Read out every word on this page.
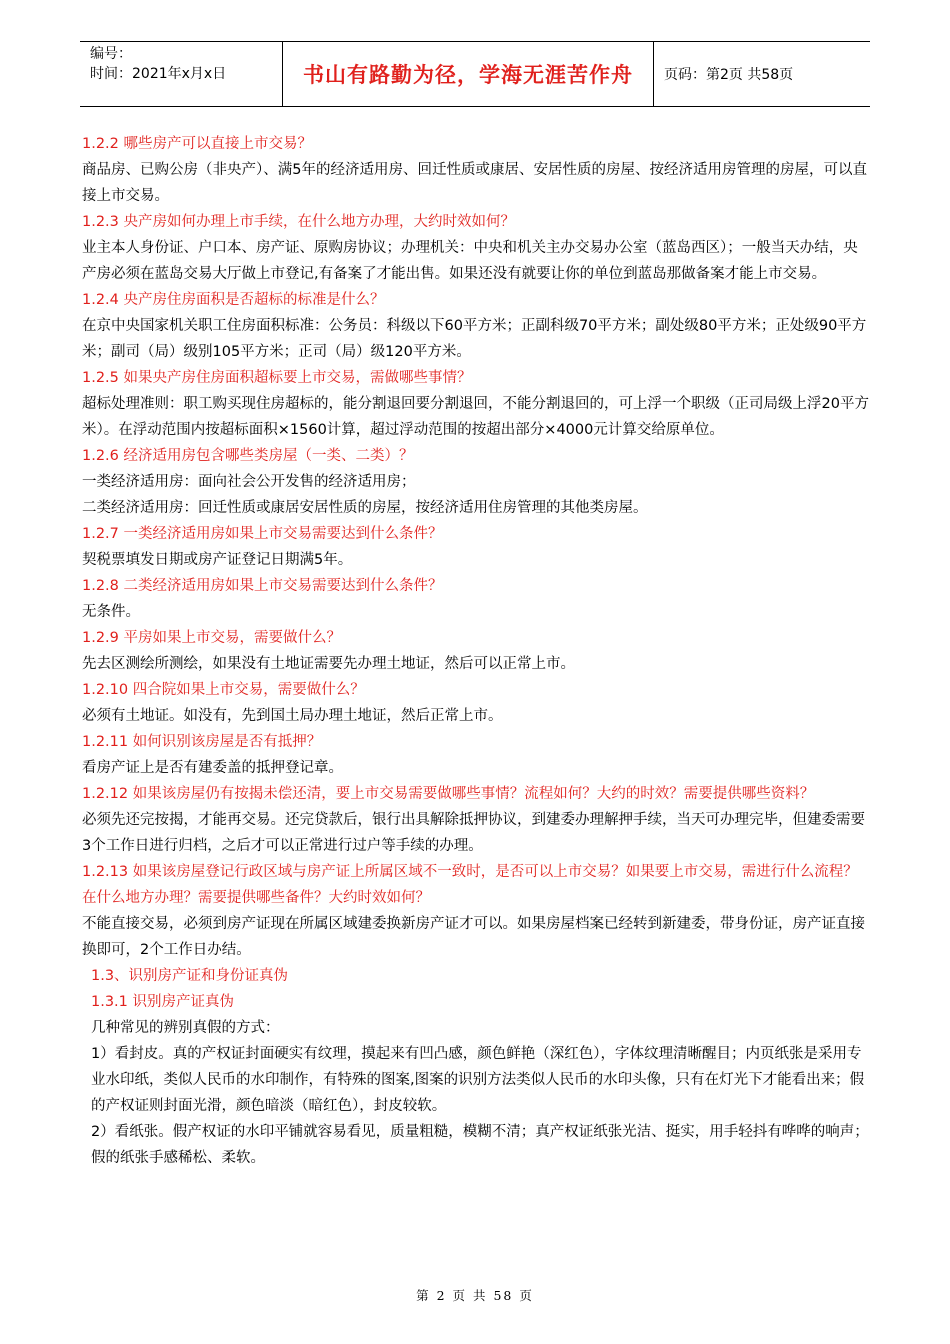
编号：
时间：2021年x月x日	书山有路勤为径，学海无涯苦作舟	页码：第2页 共58页

1.2.2 哪些房产可以直接上市交易？

商品房、已购公房（非央产）、满5年的经济适用房、回迁性质或康居、安居性质的房屋、按经济适用房管理的房屋，可以直接上市交易。

1.2.3 央产房如何办理上市手续，在什么地方办理，大约时效如何？

业主本人身份证、户口本、房产证、原购房协议；办理机关：中央和机关主办交易办公室（蓝岛西区）；一般当天办结，央产房必须在蓝岛交易大厅做上市登记,有备案了才能出售。如果还没有就要让你的单位到蓝岛那做备案才能上市交易。

1.2.4 央产房住房面积是否超标的标准是什么？

在京中央国家机关职工住房面积标准：公务员：科级以下60平方米；正副科级70平方米；副处级80平方米；正处级90平方米；副司（局）级别105平方米；正司（局）级120平方米。

1.2.5 如果央产房住房面积超标要上市交易，需做哪些事情？

超标处理准则：职工购买现住房超标的，能分割退回要分割退回，不能分割退回的，可上浮一个职级（正司局级上浮20平方米）。在浮动范围内按超标面积×1560计算，超过浮动范围的按超出部分×4000元计算交给原单位。

1.2.6 经济适用房包含哪些类房屋（一类、二类）？

一类经济适用房：面向社会公开发售的经济适用房；

二类经济适用房：回迁性质或康居安居性质的房屋，按经济适用住房管理的其他类房屋。

1.2.7 一类经济适用房如果上市交易需要达到什么条件？

契税票填发日期或房产证登记日期满5年。

1.2.8 二类经济适用房如果上市交易需要达到什么条件？

无条件。

1.2.9 平房如果上市交易，需要做什么？

先去区测绘所测绘，如果没有土地证需要先办理土地证，然后可以正常上市。

1.2.10 四合院如果上市交易，需要做什么？

必须有土地证。如没有，先到国土局办理土地证，然后正常上市。

1.2.11 如何识别该房屋是否有抵押？

看房产证上是否有建委盖的抵押登记章。

1.2.12 如果该房屋仍有按揭未偿还清，要上市交易需要做哪些事情？流程如何？大约的时效？需要提供哪些资料？

必须先还完按揭，才能再交易。还完贷款后，银行出具解除抵押协议，到建委办理解押手续，当天可办理完毕，但建委需要3个工作日进行归档，之后才可以正常进行过户等手续的办理。

1.2.13 如果该房屋登记行政区域与房产证上所属区域不一致时，是否可以上市交易？如果要上市交易，需进行什么流程？在什么地方办理？需要提供哪些备件？大约时效如何？

不能直接交易，必须到房产证现在所属区域建委换新房产证才可以。如果房屋档案已经转到新建委，带身份证，房产证直接换即可，2个工作日办结。

1.3、识别房产证和身份证真伪

1.3.1 识别房产证真伪

几种常见的辨别真假的方式：

1）看封皮。真的产权证封面硬实有纹理，摸起来有凹凸感，颜色鲜艳（深红色），字体纹理清晰醒目；内页纸张是采用专业水印纸，类似人民币的水印制作，有特殊的图案,图案的识别方法类似人民币的水印头像，只有在灯光下才能看出来；假的产权证则封面光滑，颜色暗淡（暗红色），封皮较软。

2）看纸张。假产权证的水印平铺就容易看见，质量粗糙，模糊不清；真产权证纸张光洁、挺实，用手轻抖有哗哗的响声；假的纸张手感稀松、柔软。

第 2 页 共 58 页
